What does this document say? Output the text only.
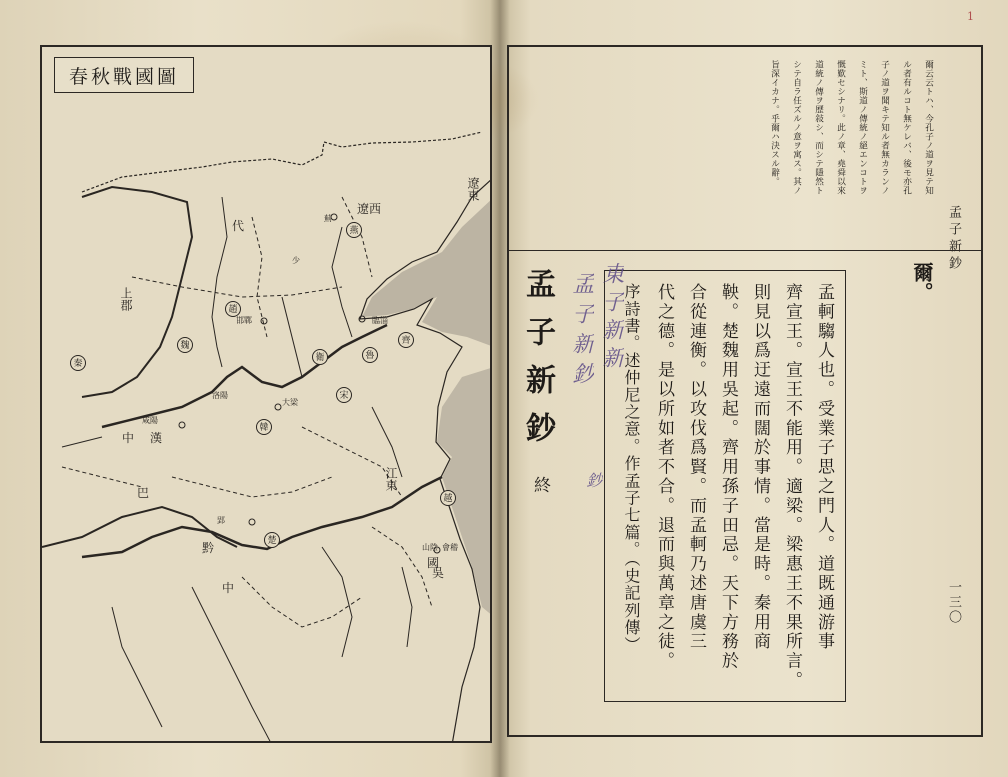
春秋戰國圖
遼東
遼西
代
上郡
秦
中 漢
巴
黔
中
楚
江東
國
燕
齊
魏
韓
趙
宋
衛	魯
越
吳
薊
臨淄
邯鄲
咸陽
洛陽
大梁
郢
山陰 會稽
少
1
孟子新鈔
一三〇
爾云云トハ、今孔子ノ道ヲ見テ知
ル者有ルコト無ケレバ、後モ亦孔
子ノ道ヲ聞キテ知ル者無カランノ
ミト、斯道ノ傳統ノ絕エンコトヲ
慨歎セシナリ。此ノ章、堯舜以來
道統ノ傳ヲ歷敍シ、而シテ隱然ト
シテ自ラ任ズルノ意ヲ寓ス。其ノ
旨深イカナ。乎爾ハ決スル辭。
爾。
孟軻騶人也。受業子思之門人。道既通游事
齊宣王。宣王不能用。適梁。梁惠王不果所言。
則見以爲迂遠而闊於事情。當是時。秦用商
鞅。楚魏用吳起。齊用孫子田忌。天下方務於
合從連衡。以攻伐爲賢。而孟軻乃述唐虞三
代之德。是以所如者不合。退而與萬章之徒。
序詩書。述仲尼之意。作孟子七篇。（史記列傳）
孟子新鈔
終
東子新新
孟子新鈔
鈔
